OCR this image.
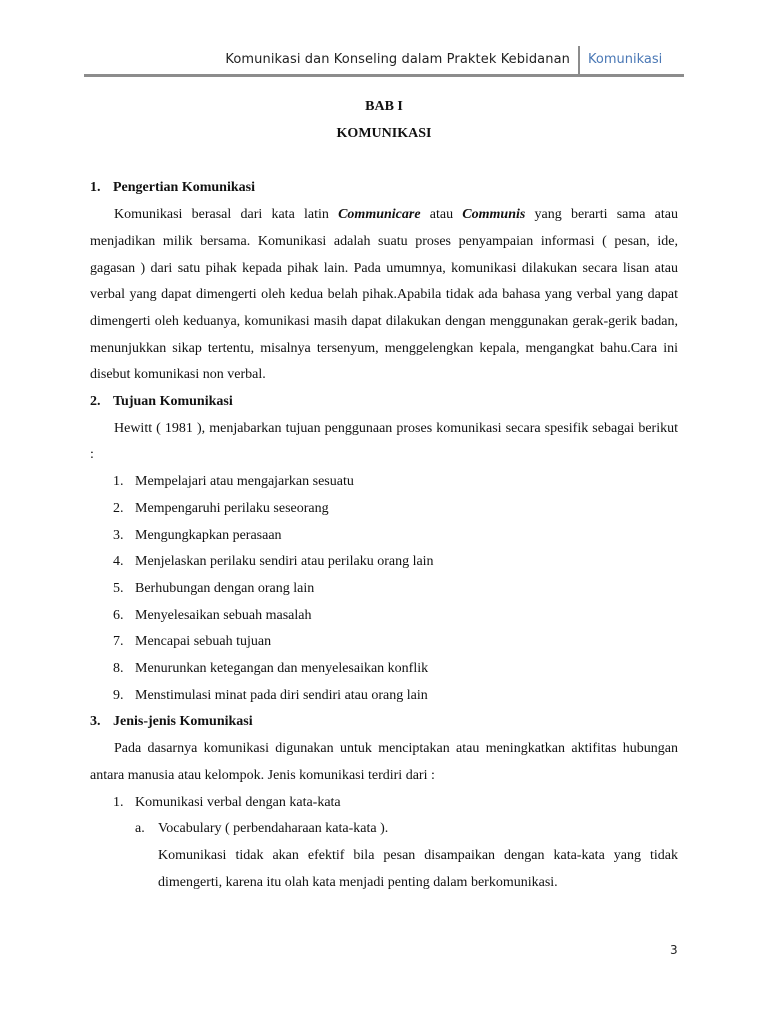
Komunikasi dan Konseling dalam Praktek Kebidanan Komunikasi
BAB I
KOMUNIKASI
1. Pengertian Komunikasi
Komunikasi berasal dari kata latin Communicare atau Communis yang berarti sama atau menjadikan milik bersama. Komunikasi adalah suatu proses penyampaian informasi ( pesan, ide, gagasan ) dari satu pihak kepada pihak lain. Pada umumnya, komunikasi dilakukan secara lisan atau verbal yang dapat dimengerti oleh kedua belah pihak.Apabila tidak ada bahasa yang verbal yang dapat dimengerti oleh keduanya, komunikasi masih dapat dilakukan dengan menggunakan gerak-gerik badan, menunjukkan sikap tertentu, misalnya tersenyum, menggelengkan kepala, mengangkat bahu.Cara ini disebut komunikasi non verbal.
2. Tujuan Komunikasi
Hewitt ( 1981 ), menjabarkan tujuan penggunaan proses komunikasi secara spesifik sebagai berikut :
1. Mempelajari atau mengajarkan sesuatu
2. Mempengaruhi perilaku seseorang
3. Mengungkapkan perasaan
4. Menjelaskan perilaku sendiri atau perilaku orang lain
5. Berhubungan dengan orang lain
6. Menyelesaikan sebuah masalah
7. Mencapai sebuah tujuan
8. Menurunkan ketegangan dan menyelesaikan konflik
9. Menstimulasi minat pada diri sendiri atau orang lain
3. Jenis-jenis Komunikasi
Pada dasarnya komunikasi digunakan untuk menciptakan atau meningkatkan aktifitas hubungan antara manusia atau kelompok. Jenis komunikasi terdiri dari :
1. Komunikasi verbal dengan kata-kata
a. Vocabulary ( perbendaharaan kata-kata ).
Komunikasi tidak akan efektif bila pesan disampaikan dengan kata-kata yang tidak dimengerti, karena itu olah kata menjadi penting dalam berkomunikasi.
3
